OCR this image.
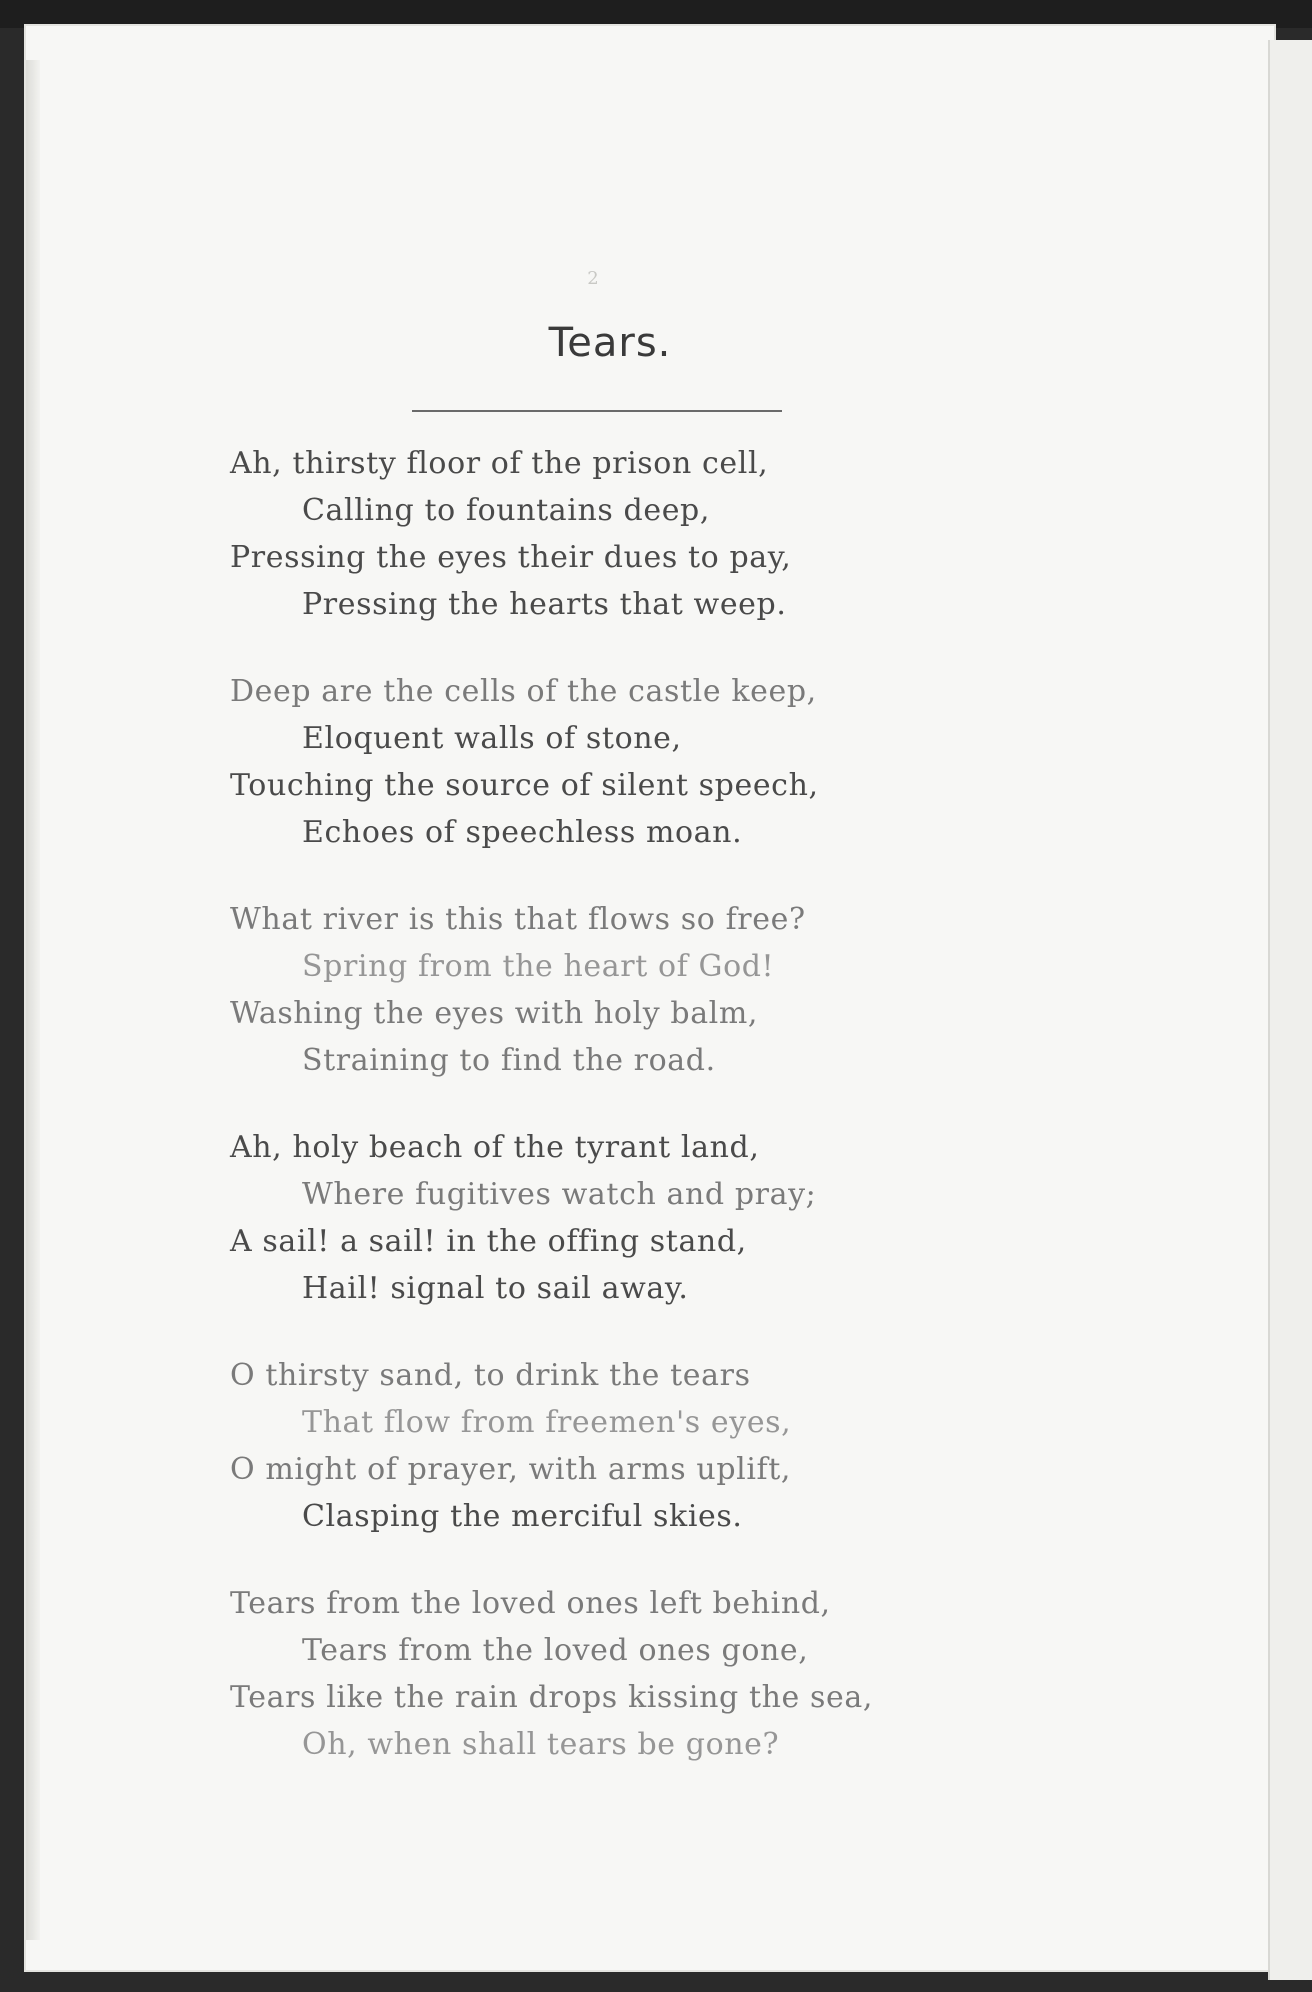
2
Tears.
Ah, thirsty floor of the prison cell,
Calling to fountains deep,
Pressing the eyes their dues to pay,
Pressing the hearts that weep.
Deep are the cells of the castle keep,
Eloquent walls of stone,
Touching the source of silent speech,
Echoes of speechless moan.
What river is this that flows so free?
Spring from the heart of God!
Washing the eyes with holy balm,
Straining to find the road.
Ah, holy beach of the tyrant land,
Where fugitives watch and pray;
A sail! a sail! in the offing stand,
Hail! signal to sail away.
O thirsty sand, to drink the tears
That flow from freemen's eyes,
O might of prayer, with arms uplift,
Clasping the merciful skies.
Tears from the loved ones left behind,
Tears from the loved ones gone,
Tears like the rain drops kissing the sea,
Oh, when shall tears be gone?
